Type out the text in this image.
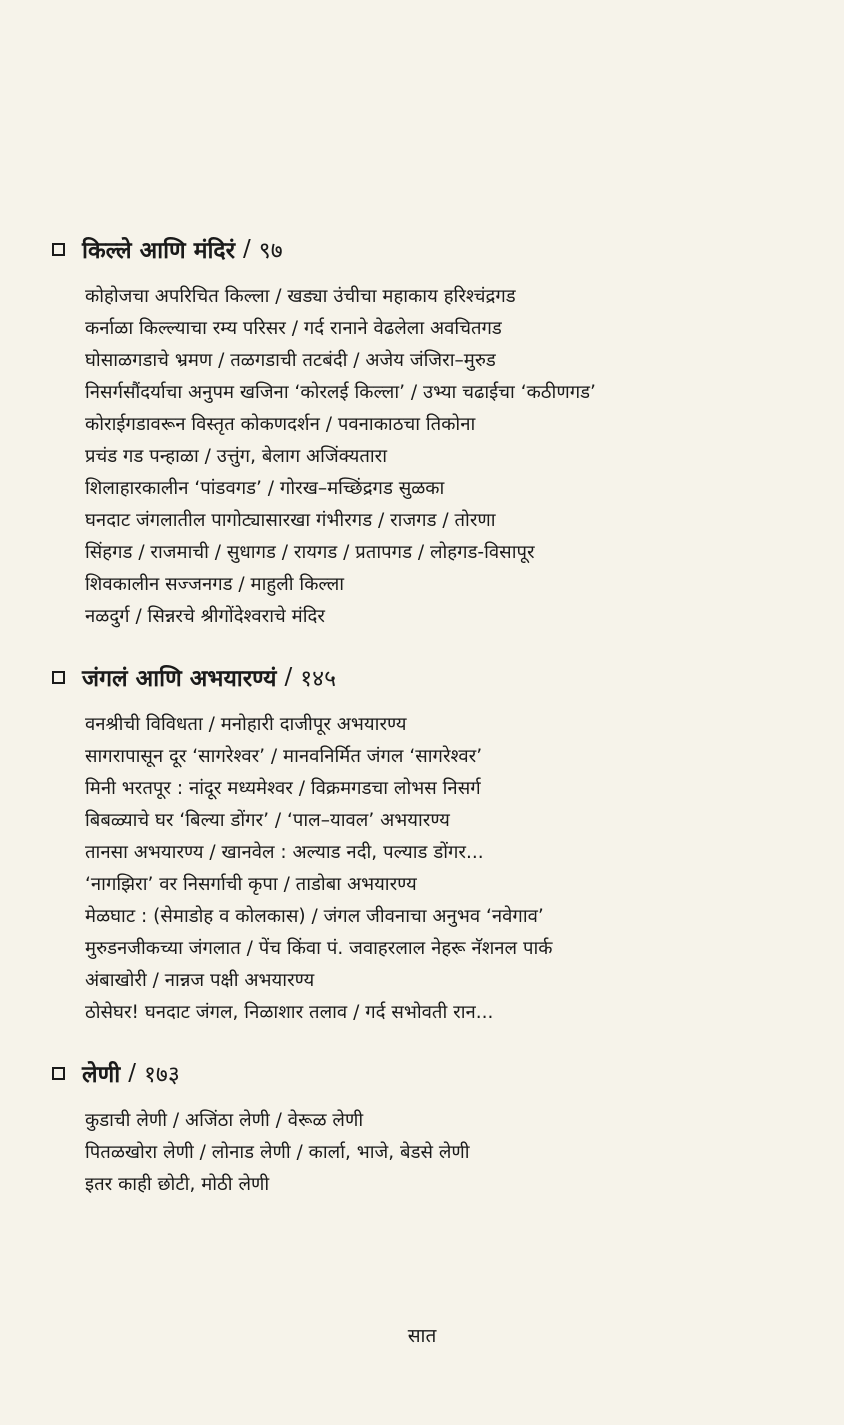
किल्ले आणि मंदिरं / ९७
कोहोजचा अपरिचित किल्ला / खड्या उंचीचा महाकाय हरिश्चंद्रगड
कर्नाळा किल्ल्याचा रम्य परिसर / गर्द रानाने वेढलेला अवचितगड
घोसाळगडाचे भ्रमण / तळगडाची तटबंदी / अजेय जंजिरा–मुरुड
निसर्गसौंदर्याचा अनुपम खजिना ‘कोरलई किल्ला’ / उभ्या चढाईचा ‘कठीणगड’
कोराईगडावरून विस्तृत कोकणदर्शन / पवनाकाठचा तिकोना
प्रचंड गड पन्हाळा / उत्तुंग, बेलाग अजिंक्यतारा
शिलाहारकालीन ‘पांडवगड’ / गोरख–मच्छिंद्रगड सुळका
घनदाट जंगलातील पागोट्यासारखा गंभीरगड / राजगड / तोरणा
सिंहगड / राजमाची / सुधागड / रायगड / प्रतापगड / लोहगड-विसापूर
शिवकालीन सज्जनगड / माहुली किल्ला
नळदुर्ग / सिन्नरचे श्रीगोंदेश्वराचे मंदिर
जंगलं आणि अभयारण्यं / १४५
वनश्रीची विविधता / मनोहारी दाजीपूर अभयारण्य
सागरापासून दूर ‘सागरेश्वर’ / मानवनिर्मित जंगल ‘सागरेश्वर’
मिनी भरतपूर : नांदूर मध्यमेश्वर / विक्रमगडचा लोभस निसर्ग
बिबळ्याचे घर ‘बिल्या डोंगर’ / ‘पाल–यावल’ अभयारण्य
तानसा अभयारण्य / खानवेल : अल्याड नदी, पल्याड डोंगर...
‘नागझिरा’ वर निसर्गाची कृपा / ताडोबा अभयारण्य
मेळघाट : (सेमाडोह व कोलकास) / जंगल जीवनाचा अनुभव ‘नवेगाव’
मुरुडनजीकच्या जंगलात / पेंच किंवा पं. जवाहरलाल नेहरू नॅशनल पार्क
अंबाखोरी / नान्नज पक्षी अभयारण्य
ठोसेघर! घनदाट जंगल, निळाशार तलाव / गर्द सभोवती रान...
लेणी / १७३
कुडाची लेणी / अजिंठा लेणी / वेरूळ लेणी
पितळखोरा लेणी / लोनाड लेणी / कार्ला, भाजे, बेडसे लेणी
इतर काही छोटी, मोठी लेणी
सात
